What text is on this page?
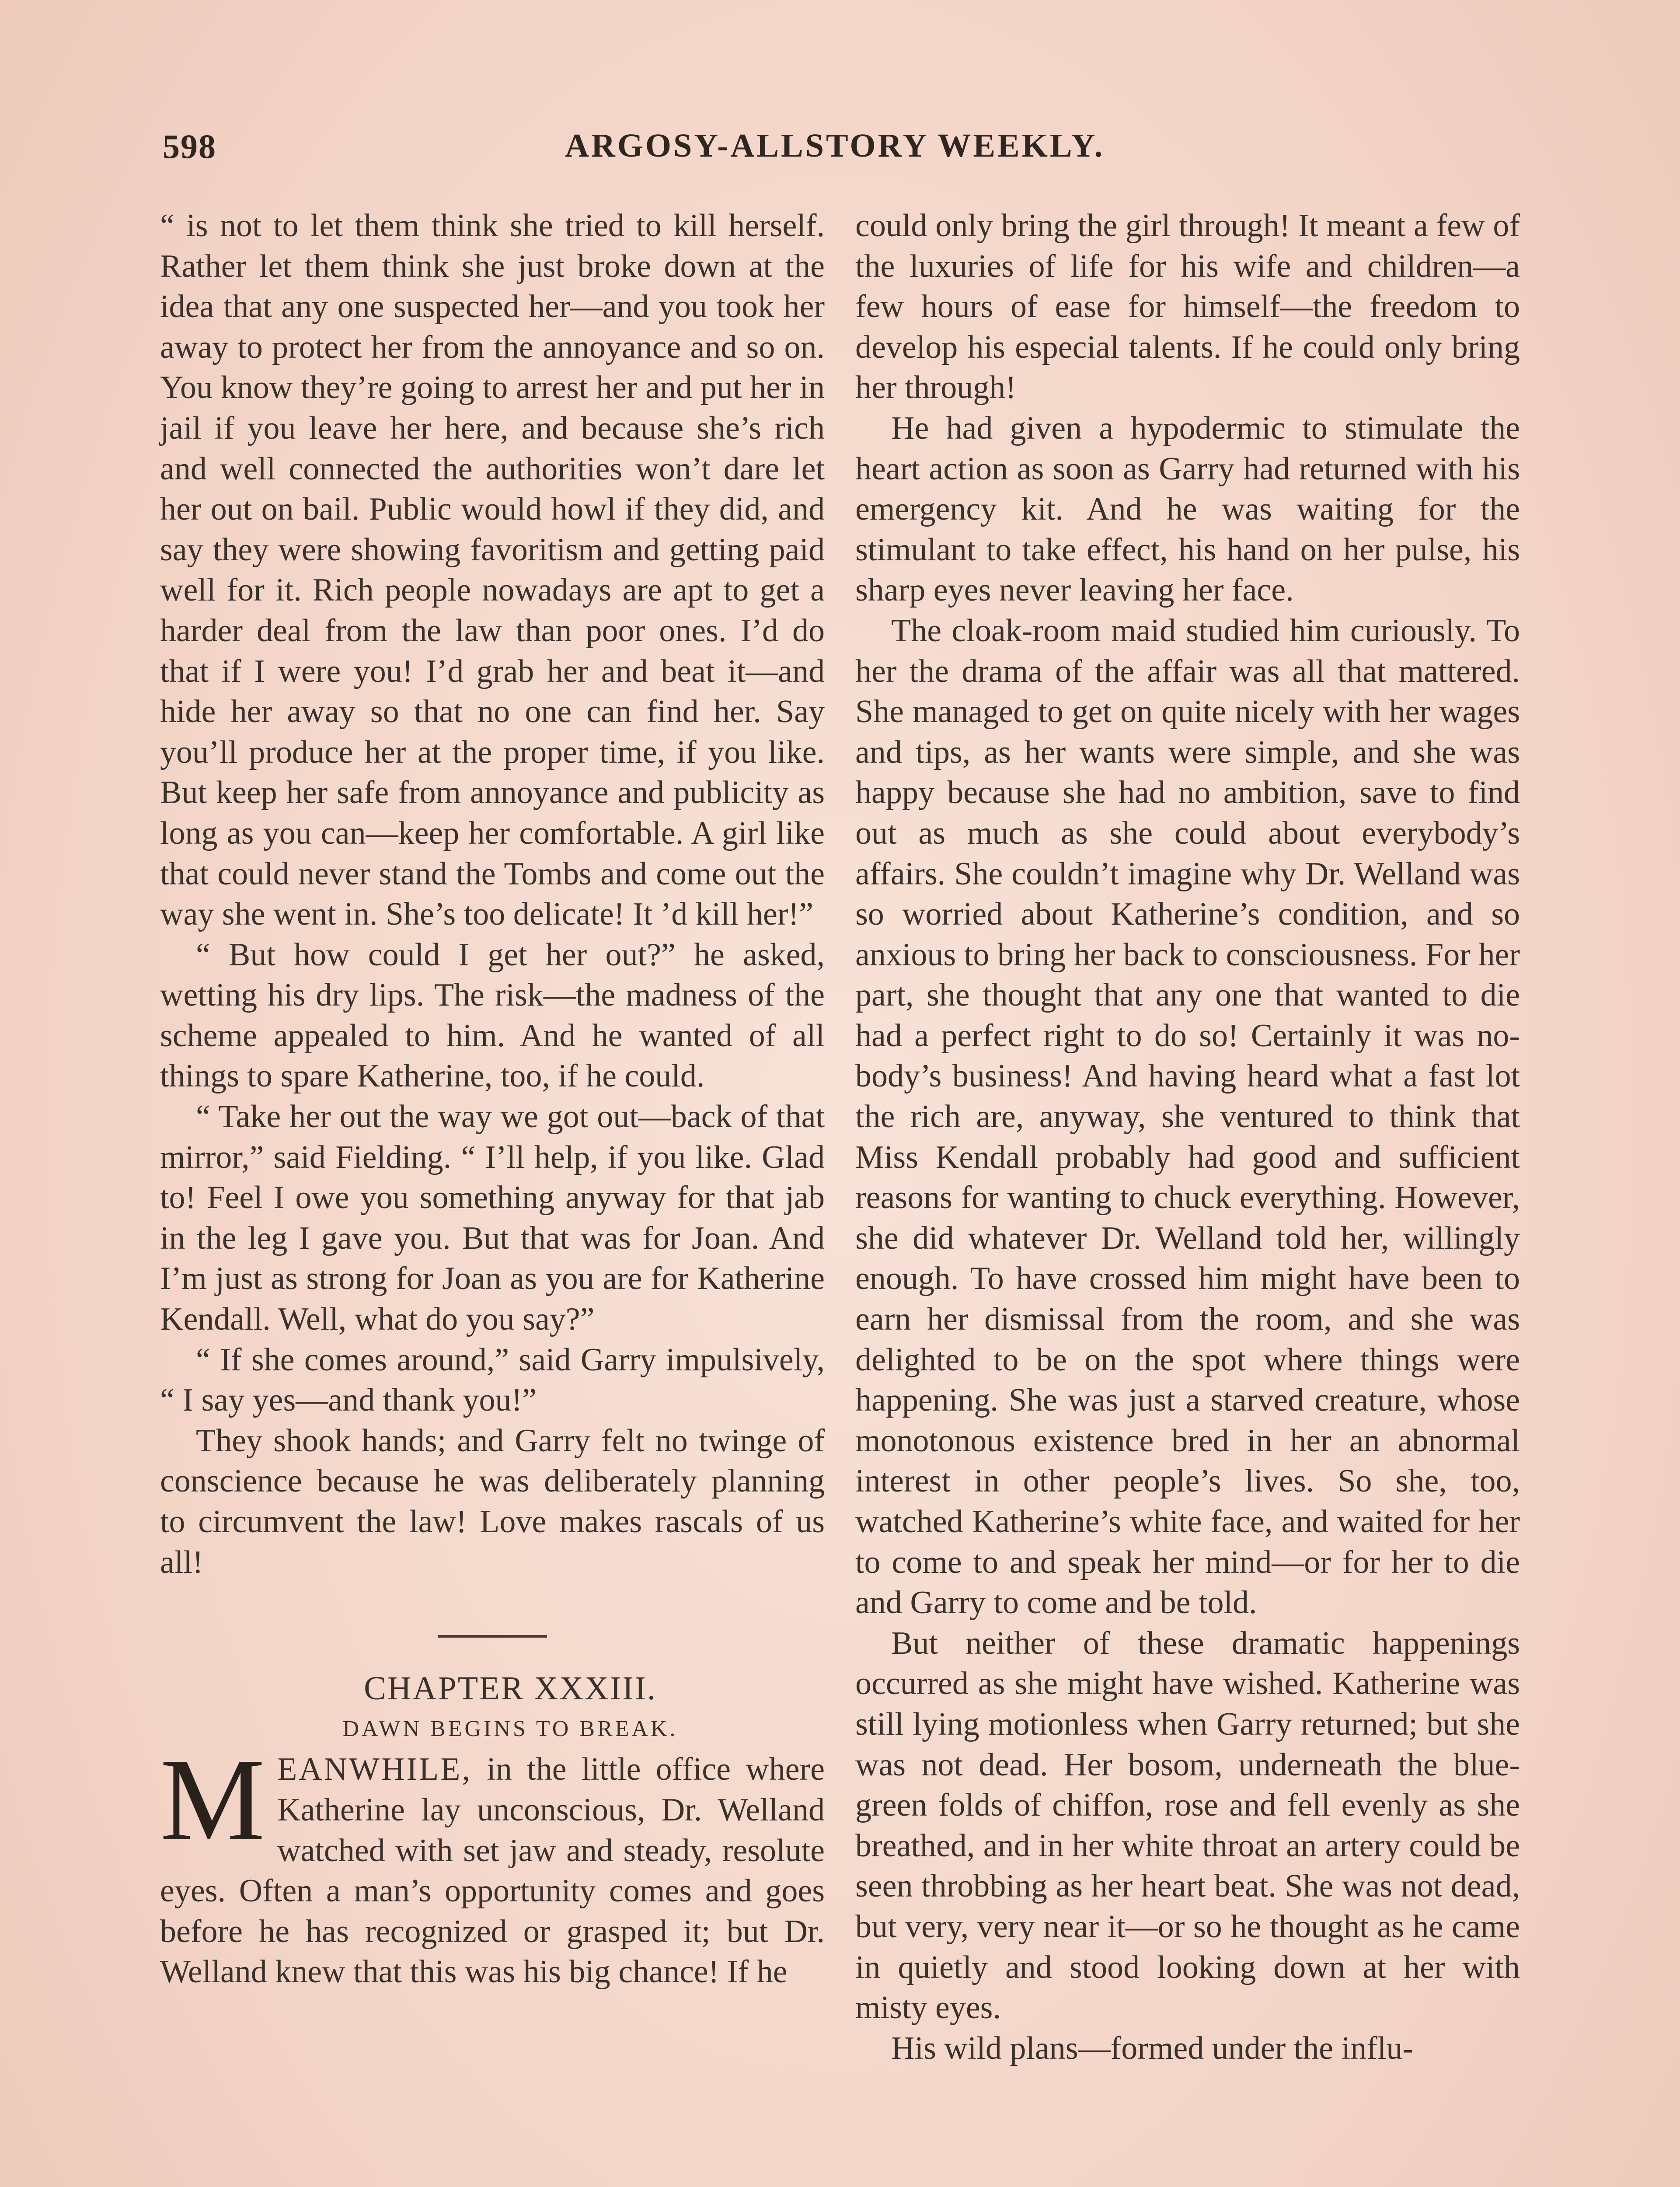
598	ARGOSY-ALLSTORY WEEKLY.

“ is not to let them think she tried to kill herself. Rather let them think she just broke down at the idea that any one suspected her—and you took her away to protect her from the annoyance and so on. You know they’re going to arrest her and put her in jail if you leave her here, and because she’s rich and well connected the authorities won’t dare let her out on bail. Public would howl if they did, and say they were showing favoritism and getting paid well for it. Rich people nowadays are apt to get a harder deal from the law than poor ones. I’d do that if I were you! I’d grab her and beat it—and hide her away so that no one can find her. Say you’ll produce her at the proper time, if you like. But keep her safe from annoyance and publicity as long as you can—keep her comfortable. A girl like that could never stand the Tombs and come out the way she went in. She’s too delicate! It ’d kill her!”

“ But how could I get her out?” he asked, wetting his dry lips. The risk—the madness of the scheme appealed to him. And he wanted of all things to spare Katherine, too, if he could.

“ Take her out the way we got out—back of that mirror,” said Fielding. “ I’ll help, if you like. Glad to! Feel I owe you something anyway for that jab in the leg I gave you. But that was for Joan. And I’m just as strong for Joan as you are for Katherine Kendall. Well, what do you say?”

“ If she comes around,” said Garry impulsively, “ I say yes—and thank you!”

They shook hands; and Garry felt no twinge of conscience because he was deliberately planning to circumvent the law! Love makes rascals of us all!

CHAPTER XXXIII.

DAWN BEGINS TO BREAK.

MEANWHILE, in the little office where Katherine lay unconscious, Dr. Welland watched with set jaw and steady, resolute eyes. Often a man’s opportunity comes and goes before he has recognized or grasped it; but Dr. Welland knew that this was his big chance! If he

could only bring the girl through! It meant a few of the luxuries of life for his wife and children—a few hours of ease for himself—the freedom to develop his especial talents. If he could only bring her through!

He had given a hypodermic to stimulate the heart action as soon as Garry had returned with his emergency kit. And he was waiting for the stimulant to take effect, his hand on her pulse, his sharp eyes never leaving her face.

The cloak-room maid studied him curiously. To her the drama of the affair was all that mattered. She managed to get on quite nicely with her wages and tips, as her wants were simple, and she was happy because she had no ambition, save to find out as much as she could about everybody’s affairs. She couldn’t imagine why Dr. Welland was so worried about Katherine’s condition, and so anxious to bring her back to consciousness. For her part, she thought that any one that wanted to die had a perfect right to do so! Certainly it was nobody’s business! And having heard what a fast lot the rich are, anyway, she ventured to think that Miss Kendall probably had good and sufficient reasons for wanting to chuck everything. However, she did whatever Dr. Welland told her, willingly enough. To have crossed him might have been to earn her dismissal from the room, and she was delighted to be on the spot where things were happening. She was just a starved creature, whose monotonous existence bred in her an abnormal interest in other people’s lives. So she, too, watched Katherine’s white face, and waited for her to come to and speak her mind—or for her to die and Garry to come and be told.

But neither of these dramatic happenings occurred as she might have wished. Katherine was still lying motionless when Garry returned; but she was not dead. Her bosom, underneath the blue-green folds of chiffon, rose and fell evenly as she breathed, and in her white throat an artery could be seen throbbing as her heart beat. She was not dead, but very, very near it—or so he thought as he came in quietly and stood looking down at her with misty eyes.

His wild plans—formed under the influ-
